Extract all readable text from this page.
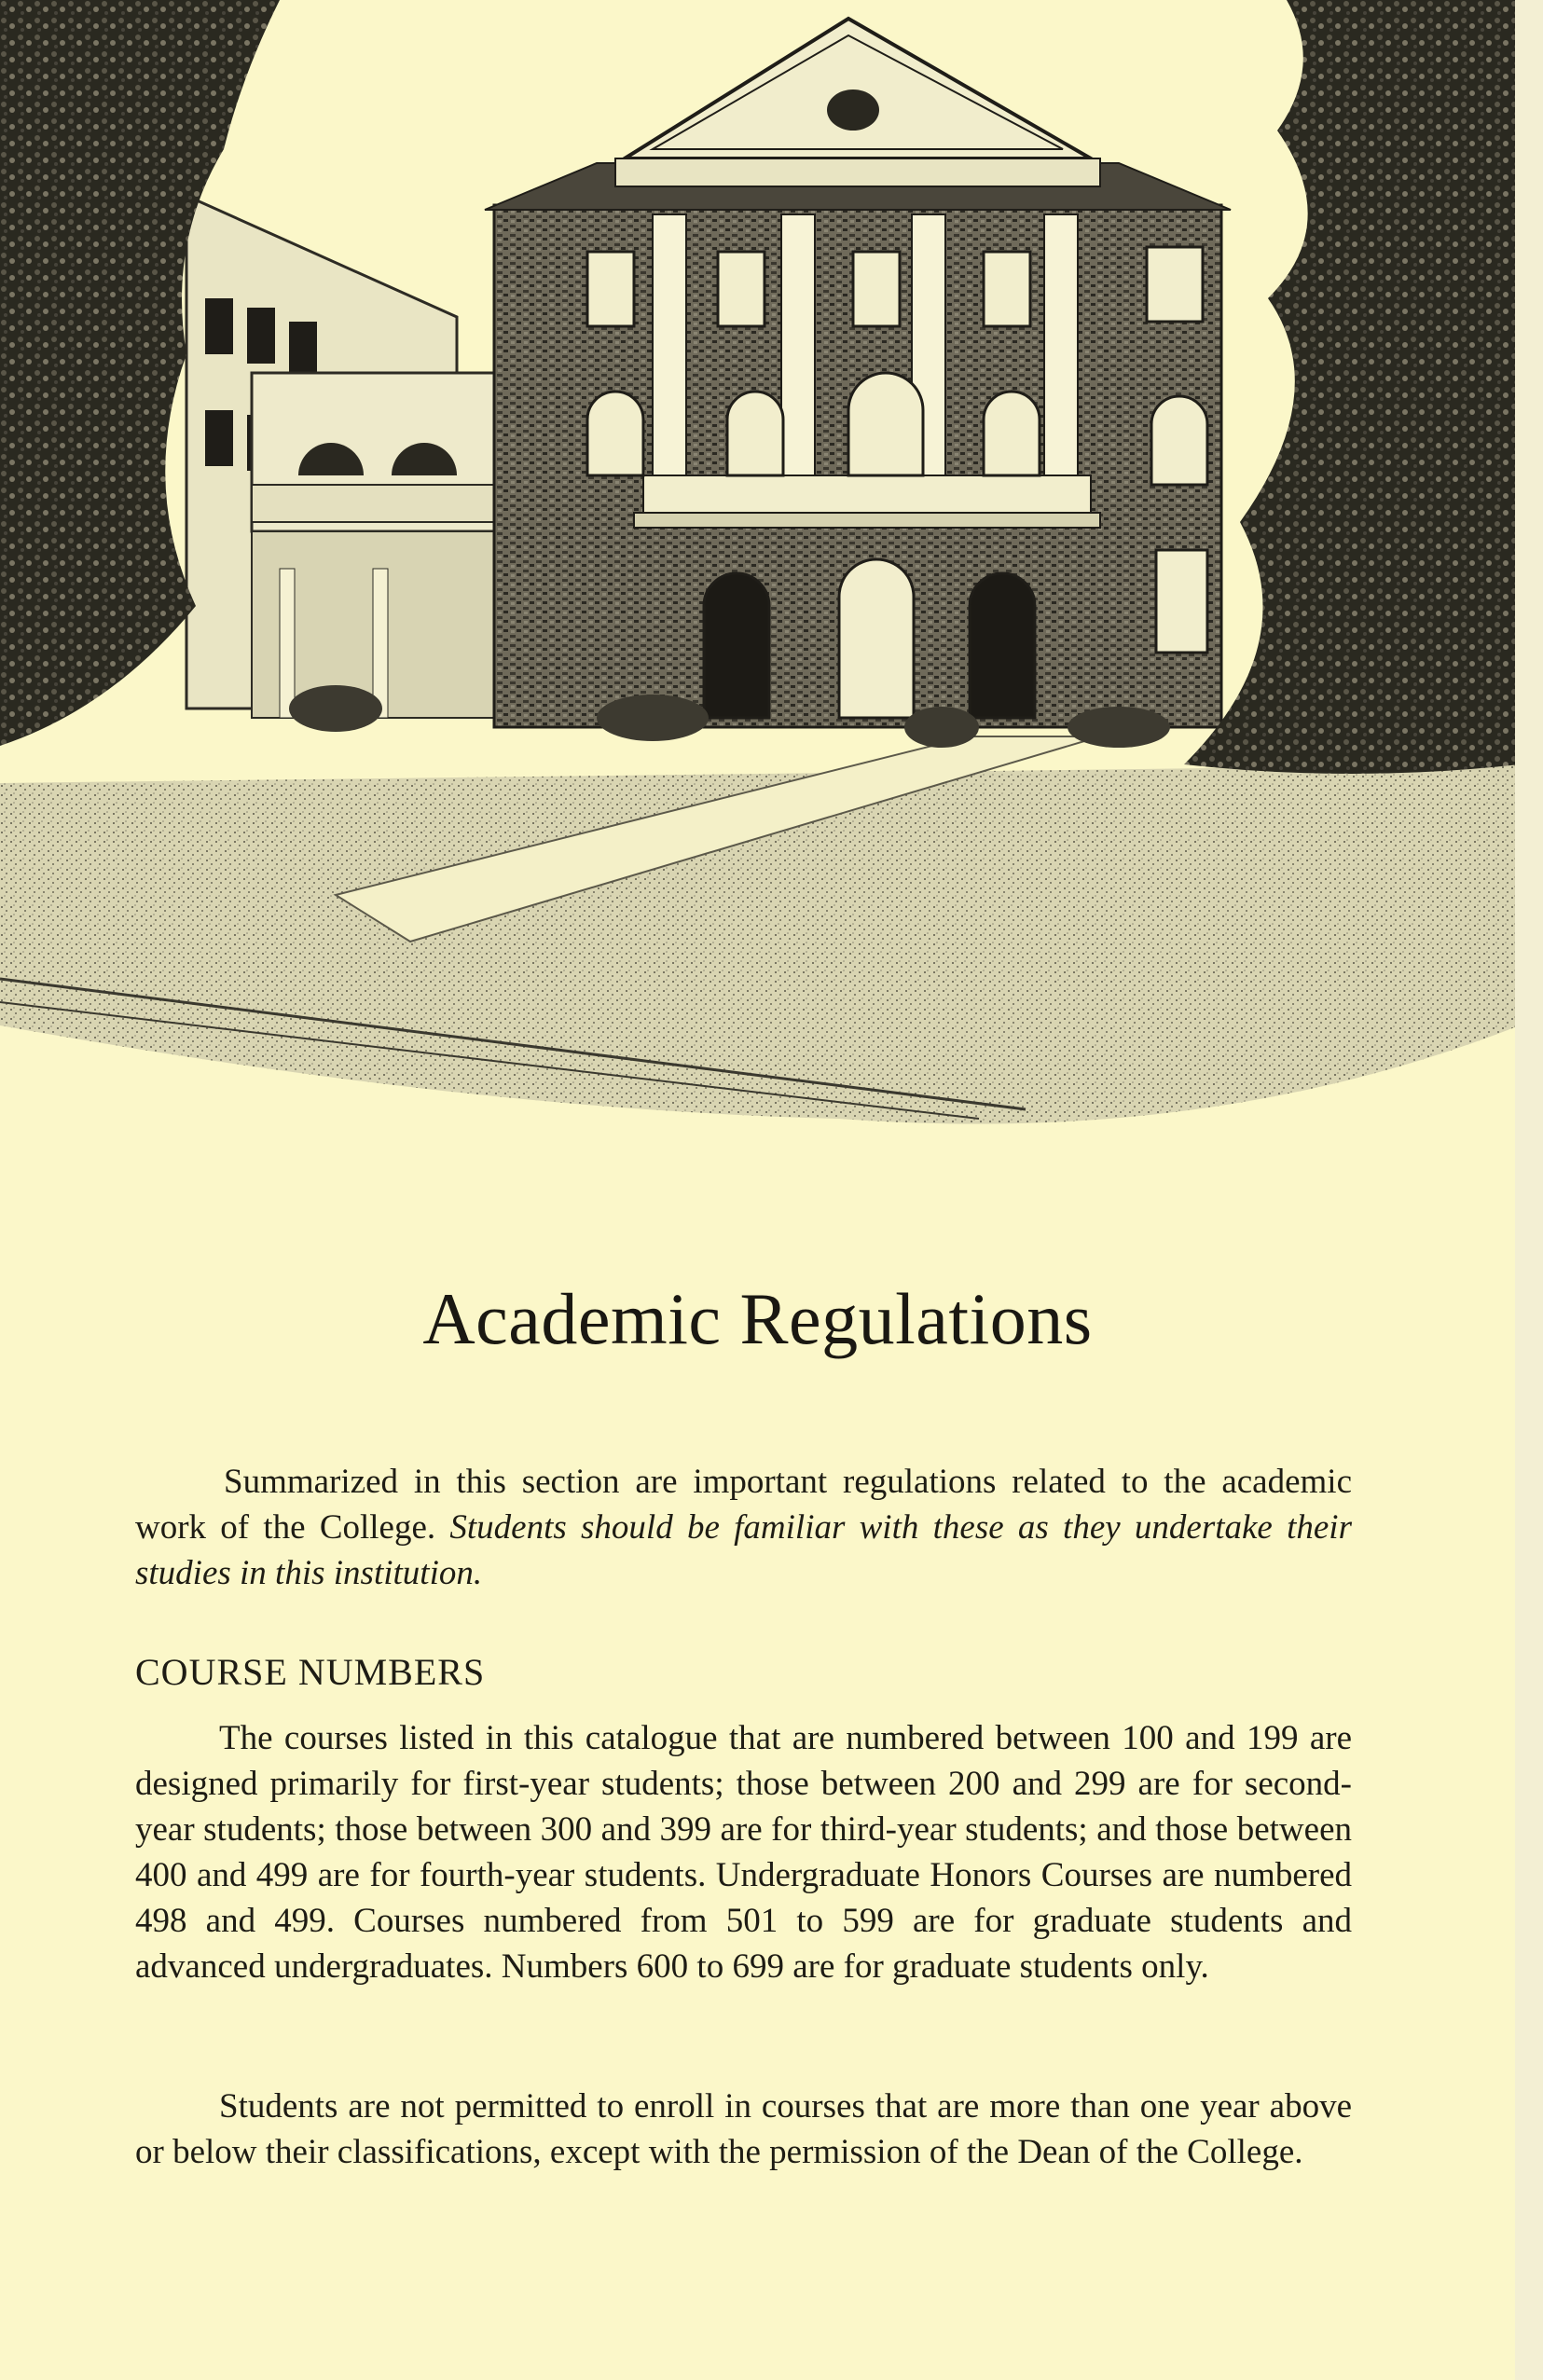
Academic Regulations

Summarized in this section are important regulations related to the academic work of the College. Students should be familiar with these as they undertake their studies in this institution.

COURSE NUMBERS

The courses listed in this catalogue that are numbered between 100 and 199 are designed primarily for first-year students; those between 200 and 299 are for second-year students; those between 300 and 399 are for third-year students; and those between 400 and 499 are for fourth-year students. Undergraduate Honors Courses are numbered 498 and 499. Courses numbered from 501 to 599 are for graduate students and advanced undergraduates. Numbers 600 to 699 are for graduate students only.

Students are not permitted to enroll in courses that are more than one year above or below their classifications, except with the permission of the Dean of the College.
